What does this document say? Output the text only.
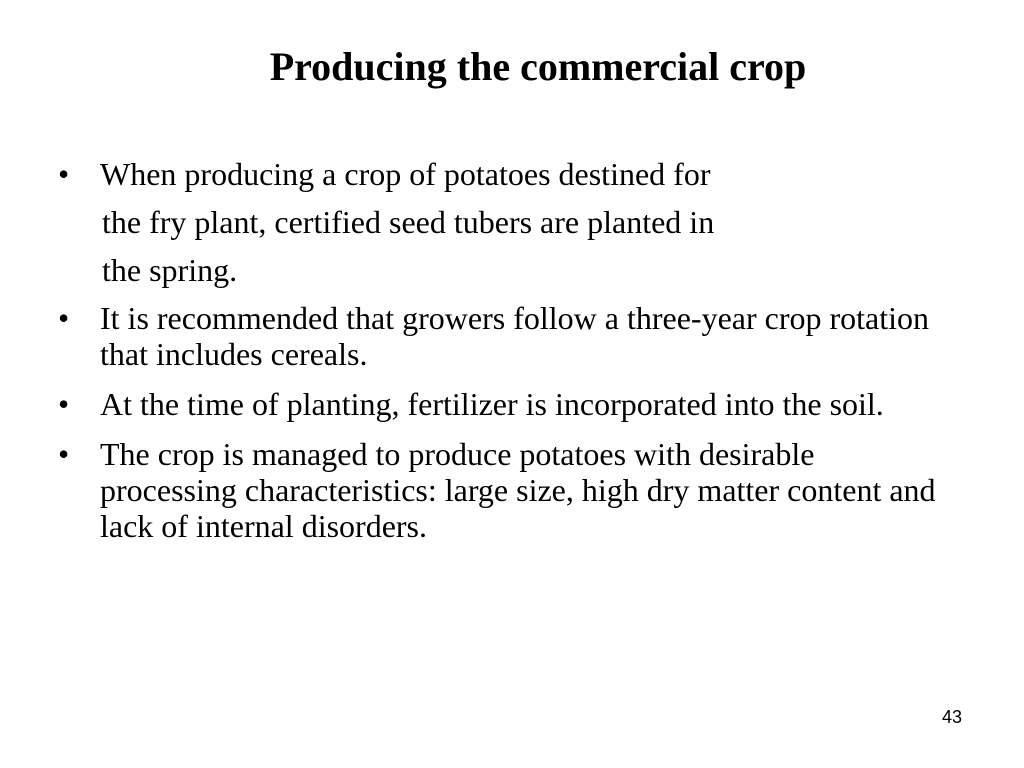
Producing the commercial crop
• When producing a crop of potatoes destined for
the fry plant, certified seed tubers are planted in
the spring.
• It is recommended that growers follow a three-year crop rotation that includes cereals.
• At the time of planting, fertilizer is incorporated into the soil.
• The crop is managed to produce potatoes with desirable processing characteristics: large size, high dry matter content and lack of internal disorders.
43
